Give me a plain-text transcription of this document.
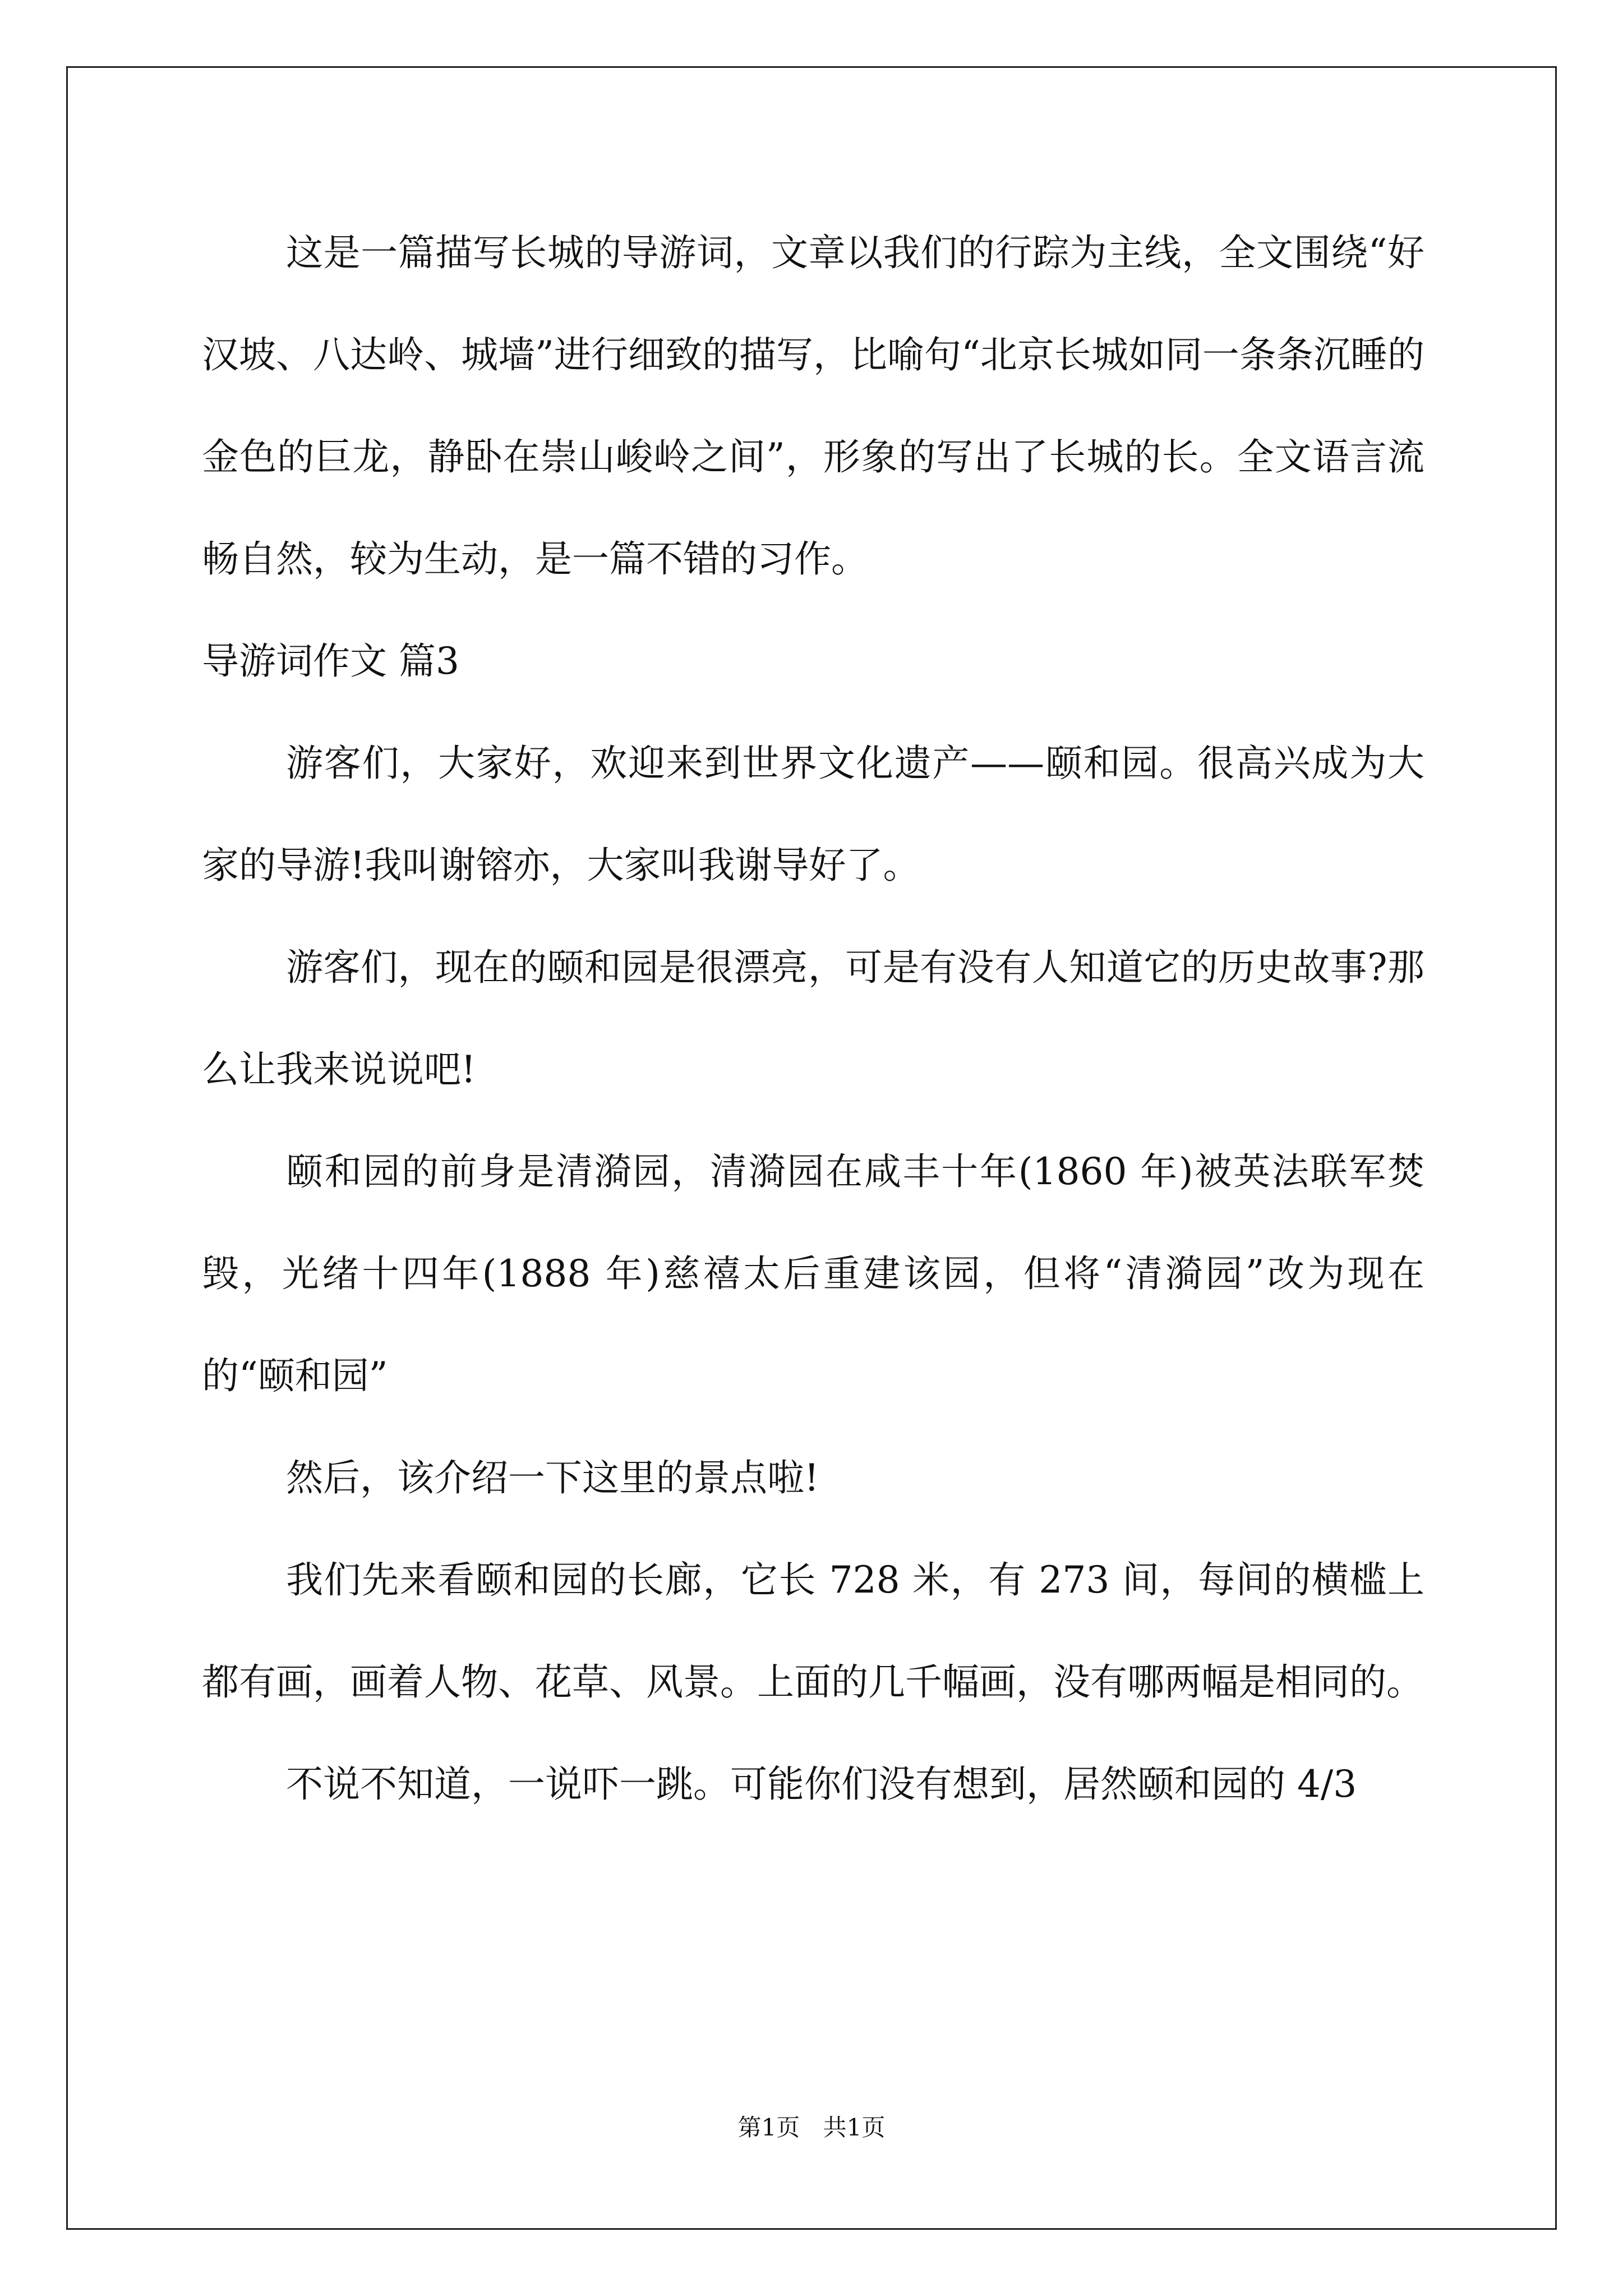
这是一篇描写长城的导游词，文章以我们的行踪为主线，全文围绕“好汉坡、八达岭、城墙”进行细致的描写，比喻句“北京长城如同一条条沉睡的金色的巨龙，静卧在崇山峻岭之间”，形象的写出了长城的长。全文语言流畅自然，较为生动，是一篇不错的习作。

导游词作文 篇3

游客们，大家好，欢迎来到世界文化遗产——颐和园。很高兴成为大家的导游!我叫谢镕亦，大家叫我谢导好了。

游客们，现在的颐和园是很漂亮，可是有没有人知道它的历史故事?那么让我来说说吧!

颐和园的前身是清漪园，清漪园在咸丰十年(1860 年)被英法联军焚毁，光绪十四年(1888 年)慈禧太后重建该园，但将“清漪园”改为现在的“颐和园”

然后，该介绍一下这里的景点啦!

我们先来看颐和园的长廊，它长 728 米，有 273 间，每间的横槛上都有画，画着人物、花草、风景。上面的几千幅画，没有哪两幅是相同的。

不说不知道，一说吓一跳。可能你们没有想到，居然颐和园的 4/3

第1页 共1页
